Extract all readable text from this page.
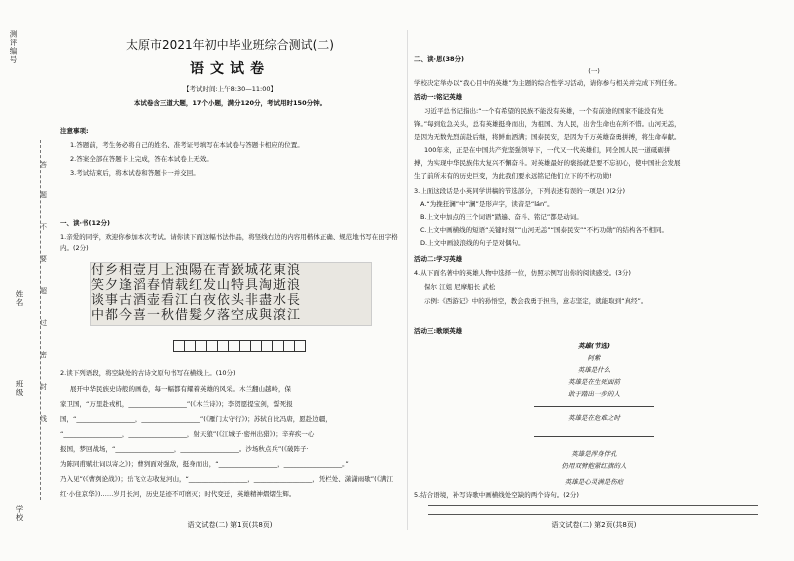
测评编号
姓名
班级
学校
答
题
不
要
超
过
密
封
线
太原市2021年初中毕业班综合测试(二)
语文试卷
【考试时间:上午8:30—11:00】
本试卷含三道大题，17个小题，满分120分，考试用时150分钟。
注意事项:
1.答题前，考生务必将自己的姓名、准考证号填写在本试卷与答题卡相应的位置。
2.答案全部在答题卡上完成，答在本试卷上无效。
3.考试结束后，将本试卷和答题卡一并交回。
一、读·书(12分)
1.亲爱的同学，欢迎你参加本次考试。请你读下面这幅书法作品，将竖线右边的内容用楷体正确、规范地书写在田字格内。(2分)
付乡相壹月上浊陽在青嶔城花東浪
笑夕逢滔春情载红发山特具淘逝浪
谈事古酒壶看江白夜依头非盡水長
中都今喜一秋借髮夕落空成與滾江
2.读下列语段，将空缺处的古诗文原句书写在横线上。(10分)
展开中华民族史诗般的画卷，每一幅都有耀着英雄的风采。木兰翻山越岭，保
家卫国，“万里赴戎机，__________________”(《木兰诗》)；李贺愿提宝剑，誓死报
国，“__________________，__________________”(《雁门太守行》)；苏轼自比冯唐，愿赴边疆，
“__________________，__________________，射天狼”(《江城子·密州出猎》)；辛弃疾一心
报国，梦回战场，“__________________，__________________。沙场秋点兵”(《破阵子·
为陈同甫赋壮词以寄之》)；曹刿面对强敌，挺身而出，“__________________，__________________。”
乃入见”(《曹刿论战》)；岳飞立志收复河山，“__________________，__________________，凭栏处、潇潇雨歇”(《满江
红·小住京华》)……岁月长河，历史足迹不可磨灭；时代变迁，英雄精神熠熠生辉。
语文试卷(二) 第1页(共8页)
二、读·思(38分)
(一)
学校决定举办以“我心目中的英雄”为主题的综合性学习活动，请你参与相关并完成下列任务。
活动一:铭记英雄
习近平总书记指出:“一个有希望的民族不能没有英雄，一个有前途的国家不能没有先
锋。”每到危急关头，总有英雄挺身而出，为祖国、为人民，出舍生命也在所不惜。山河无恙，
是因为无数先烈前赴后继，将鲜血洒满；国泰民安，是因为千万英雄奋勇拼搏，将生命奉献。
100年来，正是在中国共产党坚强领导下，一代又一代英雄们，同全国人民一道砥砺拼
搏，为实现中华民族伟大复兴不懈奋斗。对英雄最好的褒扬就是要不忘初心，使中国社会发展
生了前所未有的历史巨变，为此我们要永远铭记他们立下的不朽功勋!
3.上面这段话是小英同学讲稿的节选部分，下列表述有误的一项是( )(2分)
A.“为挽狂澜”中“澜”是形声字，读音是“lán”。
B.上文中加点的三个词语“踏遍、奋斗、铭记”都是动词。
C.上文中画横线的短语“关键时刻”“山河无恙”“国泰民安”“不朽功勋”的结构各不相同。
D.上文中画波浪线的句子是对偶句。
活动二:学习英雄
4.从下面名著中的英雄人物中选择一位，仿照示例写出你的阅读感受。(3分)
保尔 江姐 尼摩船长 武松
示例:《西游记》中的孙悟空，教会我勇于担当，意志坚定，就能取到“真经”。
活动三:歌颂英雄
英雄(节选)
阿紫
英雄是什么
英雄是在生死面前
敢于踏出一步的人
英雄是在危难之时
英雄是浑身伴孔
仍用双臂抱紧红旗的人
英雄是心灵满是伤疤
5.结合语境，补写诗歌中画横线处空缺的两个诗句。(2分)
语文试卷(二) 第2页(共8页)
